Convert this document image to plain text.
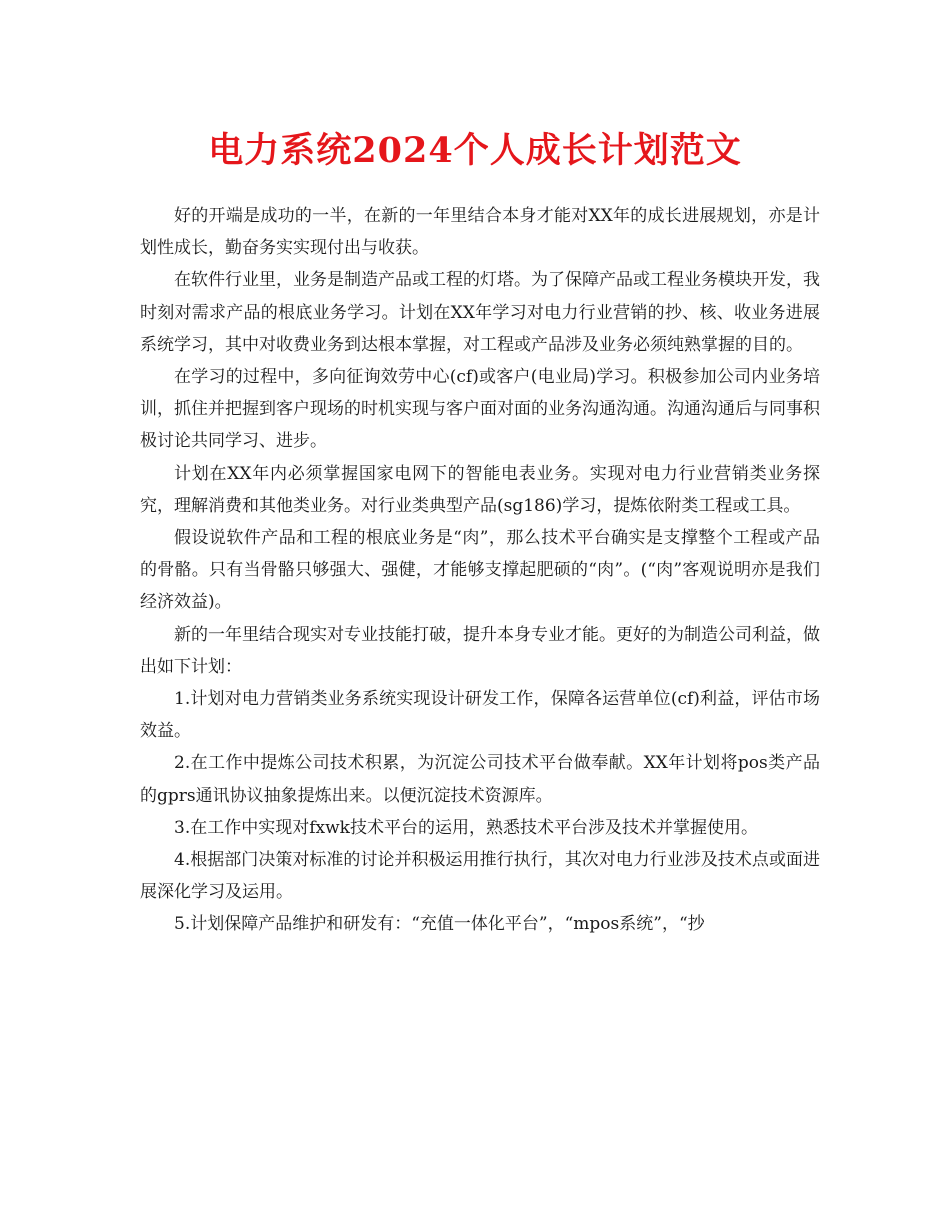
电力系统2024个人成长计划范文

好的开端是成功的一半，在新的一年里结合本身才能对XX年的成长进展规划，亦是计划性成长，勤奋务实实现付出与收获。

在软件行业里，业务是制造产品或工程的灯塔。为了保障产品或工程业务模块开发，我时刻对需求产品的根底业务学习。计划在XX年学习对电力行业营销的抄、核、收业务进展系统学习，其中对收费业务到达根本掌握，对工程或产品涉及业务必须纯熟掌握的目的。

在学习的过程中，多向征询效劳中心(cf)或客户(电业局)学习。积极参加公司内业务培训，抓住并把握到客户现场的时机实现与客户面对面的业务沟通沟通。沟通沟通后与同事积极讨论共同学习、进步。

计划在XX年内必须掌握国家电网下的智能电表业务。实现对电力行业营销类业务探究，理解消费和其他类业务。对行业类典型产品(sg186)学习，提炼依附类工程或工具。

假设说软件产品和工程的根底业务是“肉”，那么技术平台确实是支撑整个工程或产品的骨骼。只有当骨骼只够强大、强健，才能够支撑起肥硕的“肉”。(“肉”客观说明亦是我们经济效益)。

新的一年里结合现实对专业技能打破，提升本身专业才能。更好的为制造公司利益，做出如下计划：

1.计划对电力营销类业务系统实现设计研发工作，保障各运营单位(cf)利益，评估市场效益。

2.在工作中提炼公司技术积累，为沉淀公司技术平台做奉献。XX年计划将pos类产品的gprs通讯协议抽象提炼出来。以便沉淀技术资源库。

3.在工作中实现对fxwk技术平台的运用，熟悉技术平台涉及技术并掌握使用。

4.根据部门决策对标准的讨论并积极运用推行执行，其次对电力行业涉及技术点或面进展深化学习及运用。

5.计划保障产品维护和研发有：“充值一体化平台”，“mpos系统”，“抄
